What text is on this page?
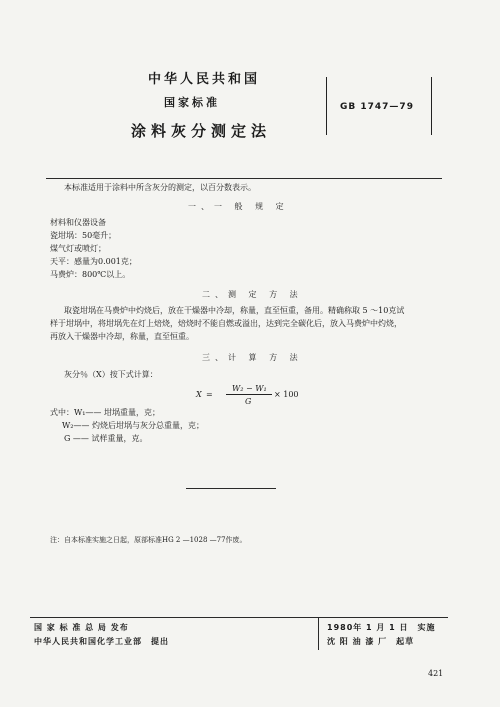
中华人民共和国
国家标准
涂料灰分测定法
GB 1747—79
本标准适用于涂料中所含灰分的测定，以百分数表示。
一、一 般 规 定
材料和仪器设备
瓷坩埚：50毫升；
煤气灯或喷灯；
天平：感量为0.001克；
马费炉：800℃以上。
二、测 定 方 法
取瓷坩埚在马费炉中灼烧后，放在干燥器中冷却，称量，直至恒重，备用。精确称取 5 ～10克试
样于坩埚中，将坩埚先在灯上焙烧，焙烧时不能自燃或溢出，达到完全碳化后，放入马费炉中灼烧，
再放入干燥器中冷却，称量，直至恒重。
三、计 算 方 法
灰分％（X）按下式计算：
X =
W₂ − W₁
G
× 100
式中：W₁—— 坩埚重量，克；
W₂—— 灼烧后坩埚与灰分总重量，克；
G —— 试样重量，克。
注：自本标准实施之日起，原部标准HG 2 —1028 —77作废。
国 家 标 准 总 局 发布
中华人民共和国化学工业部　提出
1980年 1 月 1 日　实施
沈 阳 油 漆 厂　起草
421
